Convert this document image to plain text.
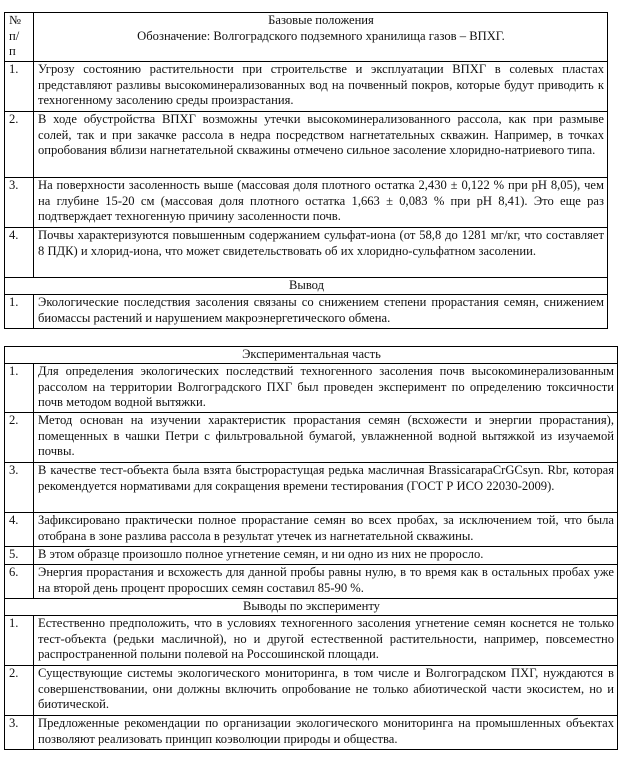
№
п/
п	Базовые положения
Обозначение: Волгоградского подземного хранилища газов – ВПХГ.

1.	Угрозу состоянию растительности при строительстве и эксплуатации ВПХГ в солевых пластах представляют разливы высокоминерализованных вод на почвенный покров, которые будут приводить к техногенному засолению среды произрастания.
2.	В ходе обустройства ВПХГ возможны утечки высокоминерализованного рассола, как при размыве солей, так и при закачке рассола в недра посредством нагнетательных скважин. Например, в точках опробования вблизи нагнетательной скважины отмечено сильное засоление хлоридно-натриевого типа.
3.	На поверхности засоленность выше (массовая доля плотного остатка 2,430 ± 0,122 % при pH 8,05), чем на глубине 15-20 см (массовая доля плотного остатка 1,663 ± 0,083 % при pH 8,41). Это еще раз подтверждает техногенную причину засоленности почв.
4.	Почвы характеризуются повышенным содержанием сульфат-иона (от 58,8 до 1281 мг/кг, что составляет 8 ПДК) и хлорид-иона, что может свидетельствовать об их хлоридно-сульфатном засолении.
Вывод	
1.	Экологические последствия засоления связаны со снижением степени прорастания семян, снижением биомассы растений и нарушением макроэнергетического обмена.
Экспериментальная часть	
1.	Для определения экологических последствий техногенного засоления почв высокоминерализованным рассолом на территории Волгоградского ПХГ был проведен эксперимент по определению токсичности почв методом водной вытяжки.
2.	Метод основан на изучении характеристик прорастания семян (всхожести и энергии прорастания), помещенных в чашки Петри с фильтровальной бумагой, увлажненной водной вытяжкой из изучаемой почвы.
3.	В качестве тест-объекта была взята быстрорастущая редька масличная BrassicarapaCrGCsyn. Rbr, которая рекомендуется нормативами для сокращения времени тестирования (ГОСТ Р ИСО 22030-2009).
4.	Зафиксировано практически полное прорастание семян во всех пробах, за исключением той, что была отобрана в зоне разлива рассола в результат утечек из нагнетательной скважины.
5.	В этом образце произошло полное угнетение семян, и ни одно из них не проросло.
6.	Энергия прорастания и всхожесть для данной пробы равны нулю, в то время как в остальных пробах уже на второй день процент проросших семян составил 85-90 %.
Выводы по эксперименту	
1.	Естественно предположить, что в условиях техногенного засоления угнетение семян коснется не только тест-объекта (редьки масличной), но и другой естественной растительности, например, повсеместно распространенной полыни полевой на Россошинской площади.
2.	Существующие системы экологического мониторинга, в том числе и Волгоградском ПХГ, нуждаются в совершенствовании, они должны включить опробование не только абиотической части экосистем, но и биотической.
3.	Предложенные рекомендации по организации экологического мониторинга на промышленных объектах позволяют реализовать принцип коэволюции природы и общества.
